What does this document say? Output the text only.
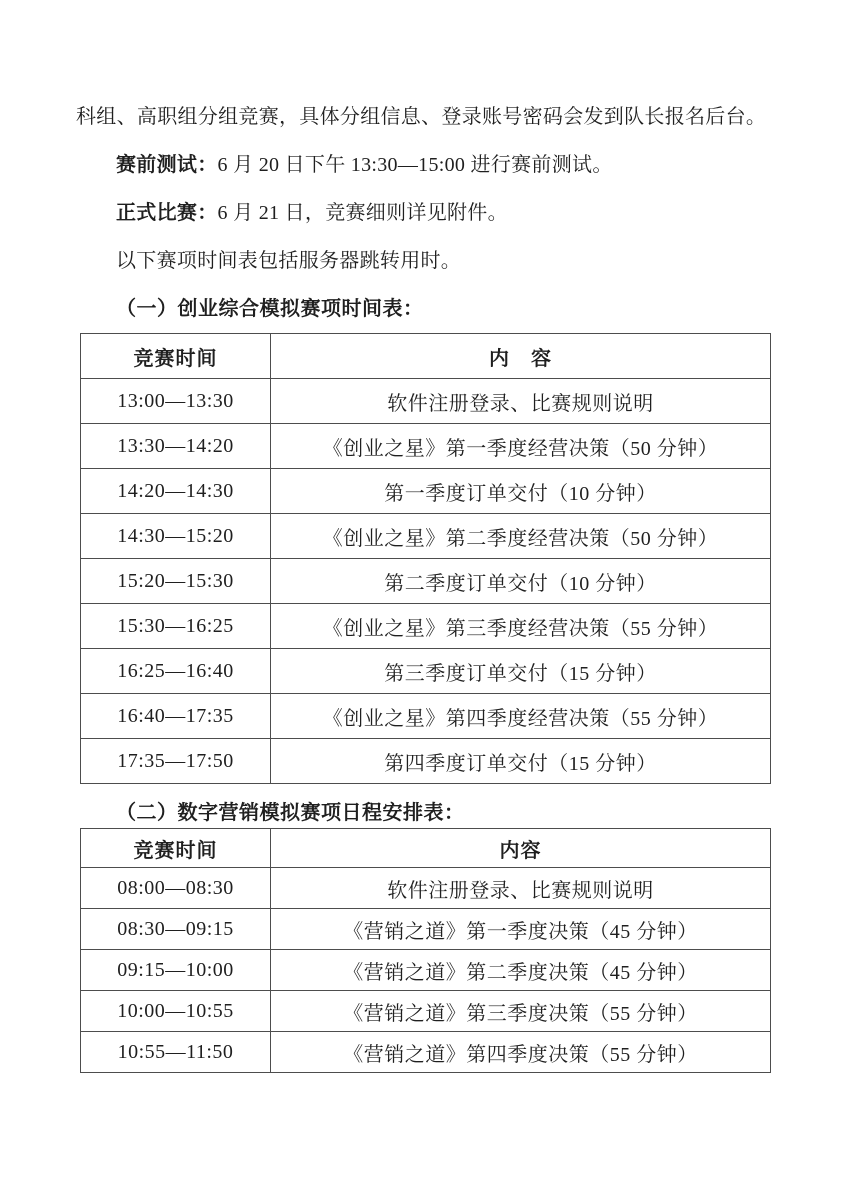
科组、高职组分组竞赛，具体分组信息、登录账号密码会发到队长报名后台。

赛前测试：6 月 20 日下午 13:30—15:00 进行赛前测试。

正式比赛：6 月 21 日，竞赛细则详见附件。

以下赛项时间表包括服务器跳转用时。

（一）创业综合模拟赛项时间表：
竞赛时间	内　容
13:00—13:30	软件注册登录、比赛规则说明
13:30—14:20	《创业之星》第一季度经营决策（50 分钟）
14:20—14:30	第一季度订单交付（10 分钟）
14:30—15:20	《创业之星》第二季度经营决策（50 分钟）
15:20—15:30	第二季度订单交付（10 分钟）
15:30—16:25	《创业之星》第三季度经营决策（55 分钟）
16:25—16:40	第三季度订单交付（15 分钟）
16:40—17:35	《创业之星》第四季度经营决策（55 分钟）
17:35—17:50	第四季度订单交付（15 分钟）
（二）数字营销模拟赛项日程安排表：
竞赛时间	内容
08:00—08:30	软件注册登录、比赛规则说明
08:30—09:15	《营销之道》第一季度决策（45 分钟）
09:15—10:00	《营销之道》第二季度决策（45 分钟）
10:00—10:55	《营销之道》第三季度决策（55 分钟）
10:55—11:50	《营销之道》第四季度决策（55 分钟）
